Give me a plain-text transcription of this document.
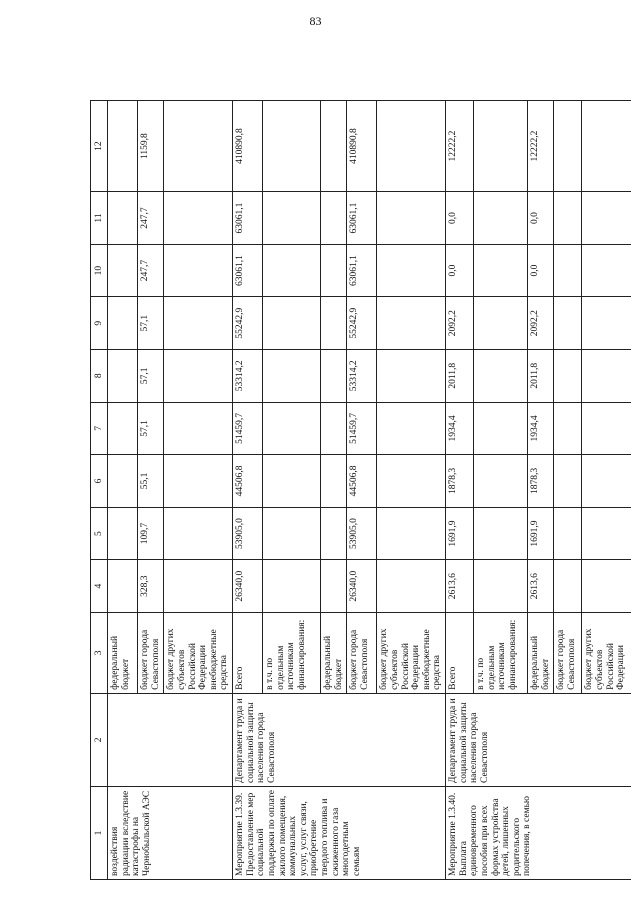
83
1	2	3	4	5	6	7	8	9	10	11	12
воздействия радиации вследствие катастрофы на Чернобыльской АЭС		федеральный бюджет									
		бюджет города Севастополя	328,3	109,7	55,1	57,1	57,1	57,1	247,7	247,7	1159,8
		бюджет других субъектов Российской Федерации внебюджетные средства									
Мероприятие 1.3.39. Предоставление мер социальной поддержки по оплате жилого помещения, коммунальных услуг, услуг связи, приобретение твердого топлива и сжиженного газа многодетным семьям	Департамент труда и социальной защиты населения города Севастополя	Всего	26340,0	53905,0	44506,8	51459,7	53314,2	55242,9	63061,1	63061,1	410890,8
		в т.ч. по отдельным источникам финансирования:									
		федеральный бюджет									
		бюджет города Севастополя	26340,0	53905,0	44506,8	51459,7	53314,2	55242,9	63061,1	63061,1	410890,8
		бюджет других субъектов Российской Федерации внебюджетные средства									
Мероприятие 1.3.40. Выплата единовременного пособия при всех формах устройства детей, лишенных родительского попечения, в семью	Департамент труда и социальной защиты населения города Севастополя	Всего	2613,6	1691,9	1878,3	1934,4	2011,8	2092,2	0,0	0,0	12222,2
		в т.ч. по отдельным источникам финансирования:									
		федеральный бюджет	2613,6	1691,9	1878,3	1934,4	2011,8	2092,2	0,0	0,0	12222,2
		бюджет города Севастополя									
		бюджет других субъектов Российской Федерации									
